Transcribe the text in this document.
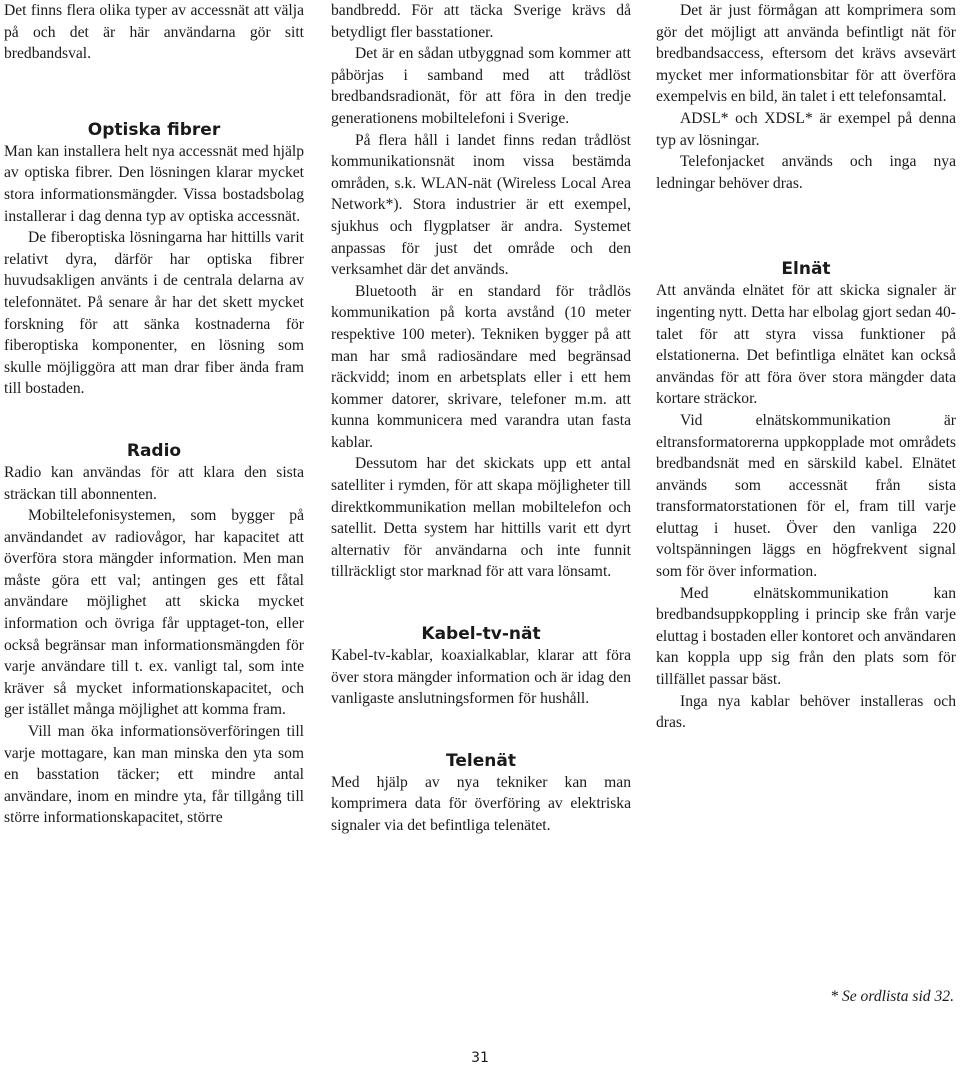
Det finns flera olika typer av accessnät att välja på och det är här användarna gör sitt bredbandsval.

Optiska fibrer

Man kan installera helt nya accessnät med hjälp av optiska fibrer. Den lösningen klarar mycket stora informationsmängder. Vissa bostadsbolag installerar i dag denna typ av optiska accessnät.

De fiberoptiska lösningarna har hittills varit relativt dyra, därför har optiska fibrer huvudsakligen använts i de centrala delarna av telefonnätet. På senare år har det skett mycket forskning för att sänka kostnaderna för fiberoptiska komponenter, en lösning som skulle möjliggöra att man drar fiber ända fram till bostaden.

Radio

Radio kan användas för att klara den sista sträckan till abonnenten.

Mobiltelefonisystemen, som bygger på användandet av radiovågor, har kapacitet att överföra stora mängder information. Men man måste göra ett val; antingen ges ett fåtal användare möjlighet att skicka mycket information och övriga får upptaget-ton, eller också begränsar man informationsmängden för varje användare till t. ex. vanligt tal, som inte kräver så mycket informationskapacitet, och ger istället många möjlighet att komma fram.

Vill man öka informationsöverföringen till varje mottagare, kan man minska den yta som en basstation täcker; ett mindre antal användare, inom en mindre yta, får tillgång till större informationskapacitet, större

bandbredd. För att täcka Sverige krävs då betydligt fler basstationer.

Det är en sådan utbyggnad som kommer att påbörjas i samband med att trådlöst bredbandsradionät, för att föra in den tredje generationens mobiltelefoni i Sverige.

På flera håll i landet finns redan trådlöst kommunikationsnät inom vissa bestämda områden, s.k. WLAN-nät (Wireless Local Area Network*). Stora industrier är ett exempel, sjukhus och flygplatser är andra. Systemet anpassas för just det område och den verksamhet där det används.

Bluetooth är en standard för trådlös kommunikation på korta avstånd (10 meter respektive 100 meter). Tekniken bygger på att man har små radiosändare med begränsad räckvidd; inom en arbetsplats eller i ett hem kommer datorer, skrivare, telefoner m.m. att kunna kommunicera med varandra utan fasta kablar.

Dessutom har det skickats upp ett antal satelliter i rymden, för att skapa möjligheter till direktkommunikation mellan mobiltelefon och satellit. Detta system har hittills varit ett dyrt alternativ för användarna och inte funnit tillräckligt stor marknad för att vara lönsamt.

Kabel-tv-nät

Kabel-tv-kablar, koaxialkablar, klarar att föra över stora mängder information och är idag den vanligaste anslutningsformen för hushåll.

Telenät

Med hjälp av nya tekniker kan man komprimera data för överföring av elektriska signaler via det befintliga telenätet.

Det är just förmågan att komprimera som gör det möjligt att använda befintligt nät för bredbandsaccess, eftersom det krävs avsevärt mycket mer informationsbitar för att överföra exempelvis en bild, än talet i ett telefonsamtal.

ADSL* och XDSL* är exempel på denna typ av lösningar.

Telefonjacket används och inga nya ledningar behöver dras.

Elnät

Att använda elnätet för att skicka signaler är ingenting nytt. Detta har elbolag gjort sedan 40-talet för att styra vissa funktioner på elstationerna. Det befintliga elnätet kan också användas för att föra över stora mängder data kortare sträckor.

Vid elnätskommunikation är eltransformatorerna uppkopplade mot områdets bredbandsnät med en särskild kabel. Elnätet används som accessnät från sista transformatorstationen för el, fram till varje eluttag i huset. Över den vanliga 220 voltspänningen läggs en högfrekvent signal som för över information.

Med elnätskommunikation kan bredbandsuppkoppling i princip ske från varje eluttag i bostaden eller kontoret och användaren kan koppla upp sig från den plats som för tillfället passar bäst.

Inga nya kablar behöver installeras och dras.

* Se ordlista sid 32.
31
